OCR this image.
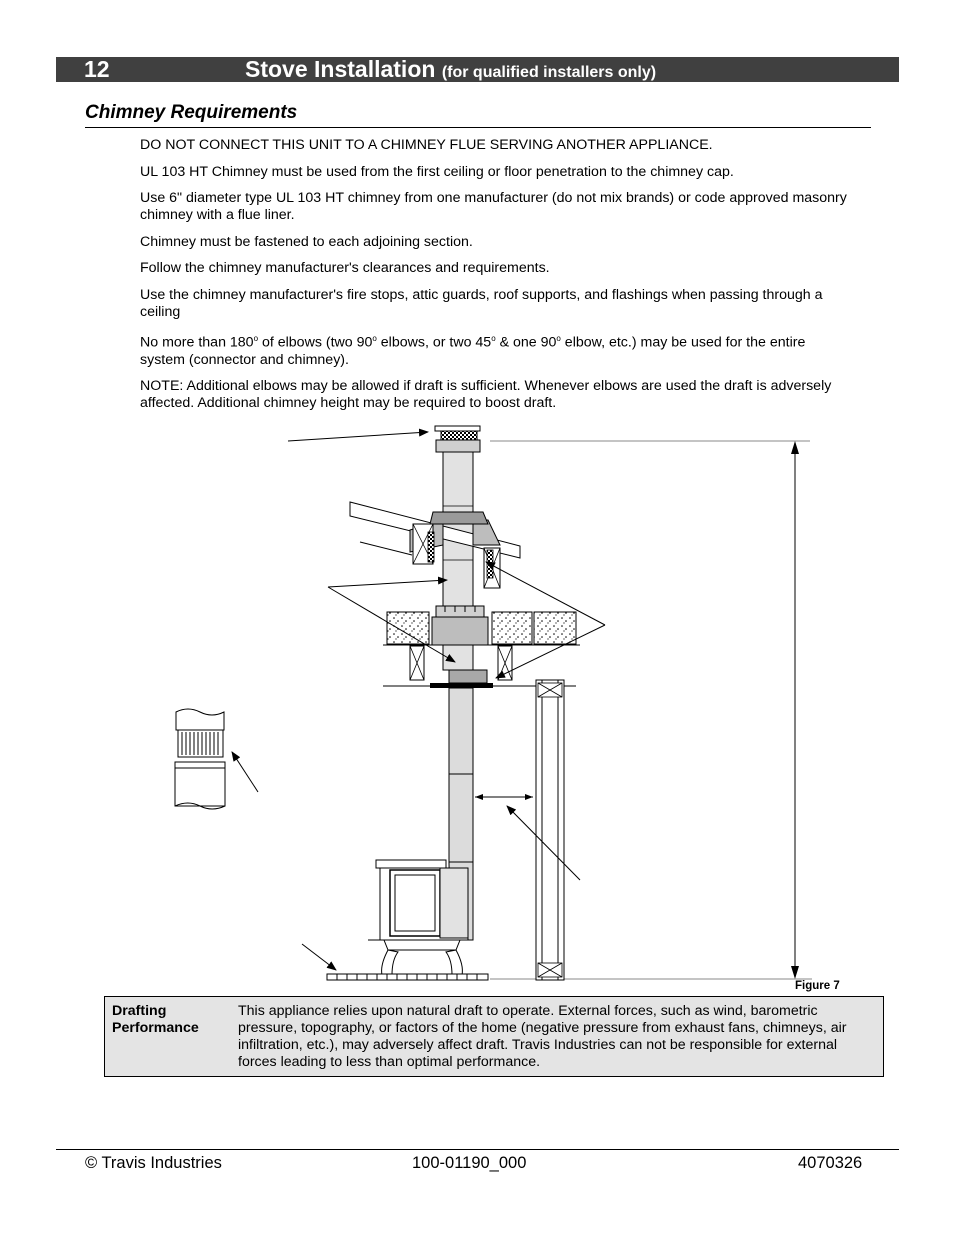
12	Stove Installation (for qualified installers only)
Chimney Requirements

DO NOT CONNECT THIS UNIT TO A CHIMNEY FLUE SERVING ANOTHER APPLIANCE.

UL 103 HT Chimney must be used from the first ceiling or floor penetration to the chimney cap.

Use 6" diameter type UL 103 HT chimney from one manufacturer (do not mix brands) or code approved masonry chimney with a flue liner.

Chimney must be fastened to each adjoining section.

Follow the chimney manufacturer's clearances and requirements.

Use the chimney manufacturer's fire stops, attic guards, roof supports, and flashings when passing through a ceiling

No more than 180$^o$ of elbows (two 90$^o$ elbows, or two 45$^o$ & one 90$^o$ elbow, etc.) may be used for the entire system (connector and chimney).

NOTE: Additional elbows may be allowed if draft is sufficient. Whenever elbows are used the draft is adversely affected. Additional chimney height may be required to boost draft.

Figure 7
Drafting Performance
This appliance relies upon natural draft to operate. External forces, such as wind, barometric pressure, topography, or factors of the home (negative pressure from exhaust fans, chimneys, air infiltration, etc.), may adversely affect draft. Travis Industries can not be responsible for external forces leading to less than optimal performance.
© Travis Industries	100-01190_000	4070326
